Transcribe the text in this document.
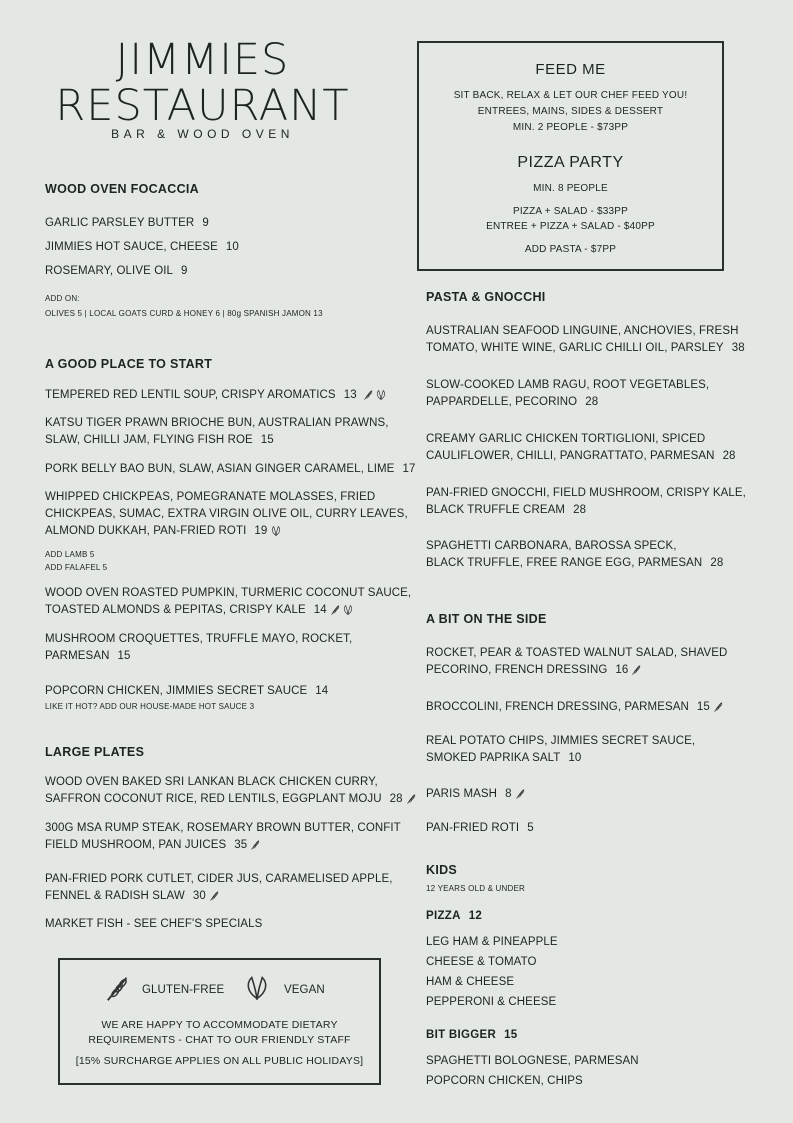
JIMMIES
RESTAURANT
BAR & WOOD OVEN
WOOD OVEN FOCACCIA
GARLIC PARSLEY BUTTER 9
JIMMIES HOT SAUCE, CHEESE 10
ROSEMARY, OLIVE OIL 9
ADD ON:
OLIVES 5 | LOCAL GOATS CURD & HONEY 6 | 80g SPANISH JAMON 13
A GOOD PLACE TO START
TEMPERED RED LENTIL SOUP, CRISPY AROMATICS 13
KATSU TIGER PRAWN BRIOCHE BUN, AUSTRALIAN PRAWNS,
SLAW, CHILLI JAM, FLYING FISH ROE 15
PORK BELLY BAO BUN, SLAW, ASIAN GINGER CARAMEL, LIME 17
WHIPPED CHICKPEAS, POMEGRANATE MOLASSES, FRIED
CHICKPEAS, SUMAC, EXTRA VIRGIN OLIVE OIL, CURRY LEAVES,
ALMOND DUKKAH, PAN-FRIED ROTI 19
ADD LAMB 5
ADD FALAFEL 5
WOOD OVEN ROASTED PUMPKIN, TURMERIC COCONUT SAUCE,
TOASTED ALMONDS & PEPITAS, CRISPY KALE 14
MUSHROOM CROQUETTES, TRUFFLE MAYO, ROCKET,
PARMESAN 15
POPCORN CHICKEN, JIMMIES SECRET SAUCE 14
LIKE IT HOT? ADD OUR HOUSE-MADE HOT SAUCE 3
LARGE PLATES
WOOD OVEN BAKED SRI LANKAN BLACK CHICKEN CURRY,
SAFFRON COCONUT RICE, RED LENTILS, EGGPLANT MOJU 28
300G MSA RUMP STEAK, ROSEMARY BROWN BUTTER, CONFIT
FIELD MUSHROOM, PAN JUICES 35
PAN-FRIED PORK CUTLET, CIDER JUS, CARAMELISED APPLE,
FENNEL & RADISH SLAW 30
MARKET FISH - SEE CHEF'S SPECIALS
GLUTEN-FREE	VEGAN
WE ARE HAPPY TO ACCOMMODATE DIETARY
REQUIREMENTS - CHAT TO OUR FRIENDLY STAFF
[15% SURCHARGE APPLIES ON ALL PUBLIC HOLIDAYS]
FEED ME
SIT BACK, RELAX & LET OUR CHEF FEED YOU!
ENTREES, MAINS, SIDES & DESSERT
MIN. 2 PEOPLE - $73PP
PIZZA PARTY
MIN. 8 PEOPLE
PIZZA + SALAD - $33PP
ENTREE + PIZZA + SALAD - $40PP
ADD PASTA - $7PP
PASTA & GNOCCHI
AUSTRALIAN SEAFOOD LINGUINE, ANCHOVIES, FRESH
TOMATO, WHITE WINE, GARLIC CHILLI OIL, PARSLEY 38
SLOW-COOKED LAMB RAGU, ROOT VEGETABLES,
PAPPARDELLE, PECORINO 28
CREAMY GARLIC CHICKEN TORTIGLIONI, SPICED
CAULIFLOWER, CHILLI, PANGRATTATO, PARMESAN 28
PAN-FRIED GNOCCHI, FIELD MUSHROOM, CRISPY KALE,
BLACK TRUFFLE CREAM 28
SPAGHETTI CARBONARA, BAROSSA SPECK,
BLACK TRUFFLE, FREE RANGE EGG, PARMESAN 28
A BIT ON THE SIDE
ROCKET, PEAR & TOASTED WALNUT SALAD, SHAVED
PECORINO, FRENCH DRESSING 16
BROCCOLINI, FRENCH DRESSING, PARMESAN 15
REAL POTATO CHIPS, JIMMIES SECRET SAUCE,
SMOKED PAPRIKA SALT 10
PARIS MASH 8
PAN-FRIED ROTI 5
KIDS
12 YEARS OLD & UNDER
PIZZA 12
LEG HAM & PINEAPPLE
CHEESE & TOMATO
HAM & CHEESE
PEPPERONI & CHEESE
BIT BIGGER 15
SPAGHETTI BOLOGNESE, PARMESAN
POPCORN CHICKEN, CHIPS
